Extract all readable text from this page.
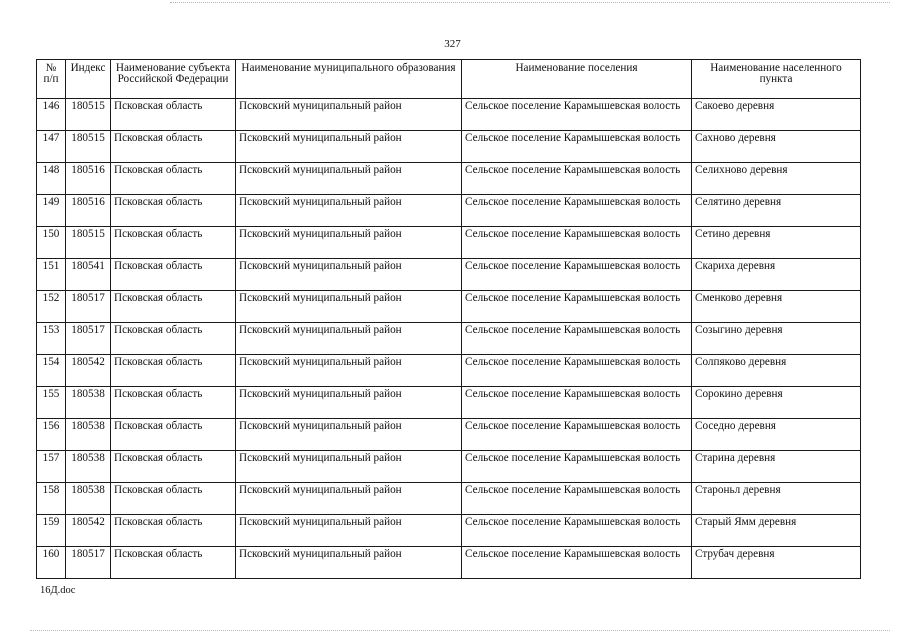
327
№ п/п	Индекс	Наименование субъекта Российской Федерации	Наименование муниципального образования	Наименование поселения	Наименование населенного пункта
146	180515	Псковская область	Псковский муниципальный район	Сельское поселение Карамышевская волость	Сакоево деревня
147	180515	Псковская область	Псковский муниципальный район	Сельское поселение Карамышевская волость	Сахново деревня
148	180516	Псковская область	Псковский муниципальный район	Сельское поселение Карамышевская волость	Селихново деревня
149	180516	Псковская область	Псковский муниципальный район	Сельское поселение Карамышевская волость	Селятино деревня
150	180515	Псковская область	Псковский муниципальный район	Сельское поселение Карамышевская волость	Сетино деревня
151	180541	Псковская область	Псковский муниципальный район	Сельское поселение Карамышевская волость	Скариха деревня
152	180517	Псковская область	Псковский муниципальный район	Сельское поселение Карамышевская волость	Сменково деревня
153	180517	Псковская область	Псковский муниципальный район	Сельское поселение Карамышевская волость	Созыгино деревня
154	180542	Псковская область	Псковский муниципальный район	Сельское поселение Карамышевская волость	Солпяково деревня
155	180538	Псковская область	Псковский муниципальный район	Сельское поселение Карамышевская волость	Сорокино деревня
156	180538	Псковская область	Псковский муниципальный район	Сельское поселение Карамышевская волость	Соседно деревня
157	180538	Псковская область	Псковский муниципальный район	Сельское поселение Карамышевская волость	Старина деревня
158	180538	Псковская область	Псковский муниципальный район	Сельское поселение Карамышевская волость	Староньл деревня
159	180542	Псковская область	Псковский муниципальный район	Сельское поселение Карамышевская волость	Старый Ямм деревня
160	180517	Псковская область	Псковский муниципальный район	Сельское поселение Карамышевская волость	Струбач деревня
16Д.doc
